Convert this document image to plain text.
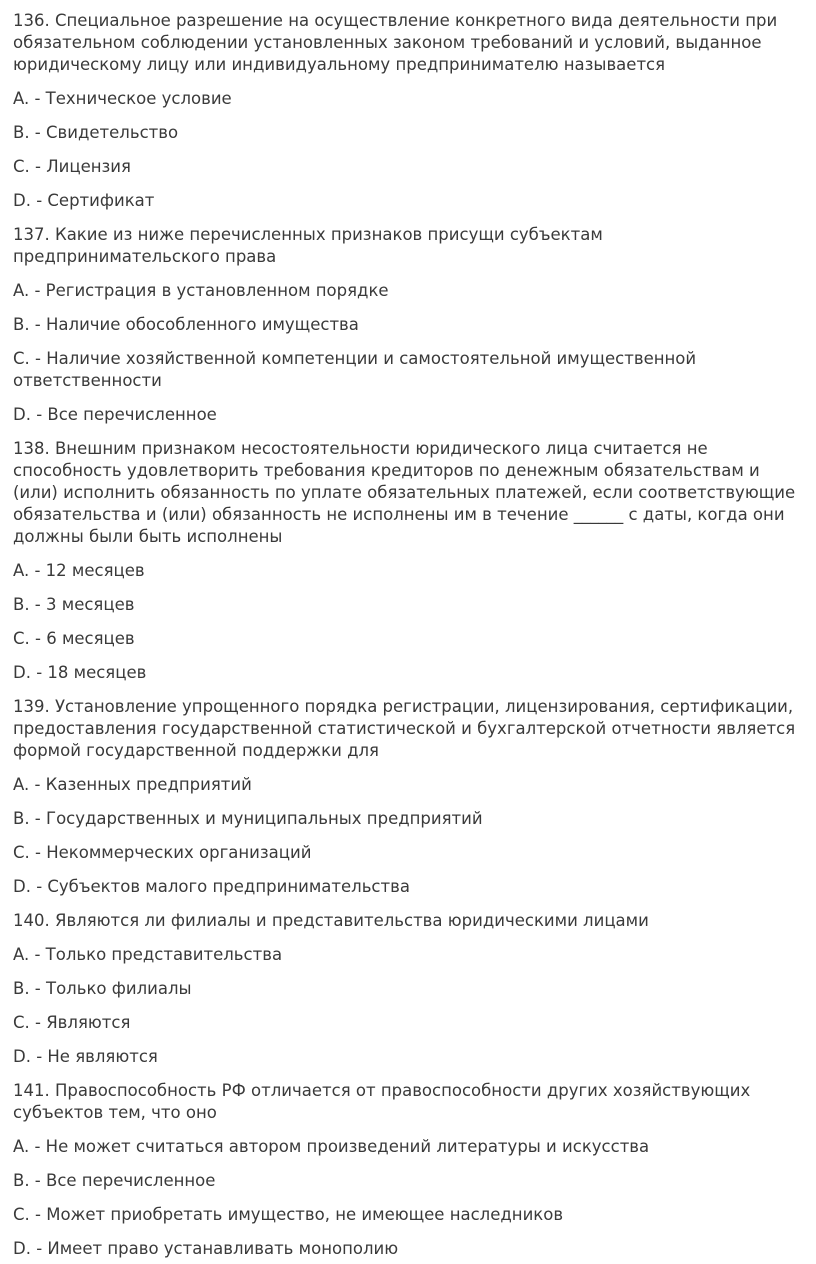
136. Специальное разрешение на осуществление конкретного вида деятельности при обязательном соблюдении установленных законом требований и условий, выданное юридическому лицу или индивидуальному предпринимателю называется

A. - Техническое условие

B. - Свидетельство

C. - Лицензия

D. - Сертификат

137. Какие из ниже перечисленных признаков присущи субъектам предпринимательского права

A. - Регистрация в установленном порядке

B. - Наличие обособленного имущества

C. - Наличие хозяйственной компетенции и самостоятельной имущественной ответственности

D. - Все перечисленное

138. Внешним признаком несостоятельности юридического лица считается не способность удовлетворить требования кредиторов по денежным обязательствам и (или) исполнить обязанность по уплате обязательных платежей, если соответствующие обязательства и (или) обязанность не исполнены им в течение ______ с даты, когда они должны были быть исполнены

A. - 12 месяцев

B. - 3 месяцев

C. - 6 месяцев

D. - 18 месяцев

139. Установление упрощенного порядка регистрации, лицензирования, сертификации, предоставления государственной статистической и бухгалтерской отчетности является формой государственной поддержки для

A. - Казенных предприятий

B. - Государственных и муниципальных предприятий

C. - Некоммерческих организаций

D. - Субъектов малого предпринимательства

140. Являются ли филиалы и представительства юридическими лицами

A. - Только представительства

B. - Только филиалы

C. - Являются

D. - Не являются

141. Правоспособность РФ отличается от правоспособности других хозяйствующих субъектов тем, что оно

A. - Не может считаться автором произведений литературы и искусства

B. - Все перечисленное

C. - Может приобретать имущество, не имеющее наследников

D. - Имеет право устанавливать монополию
